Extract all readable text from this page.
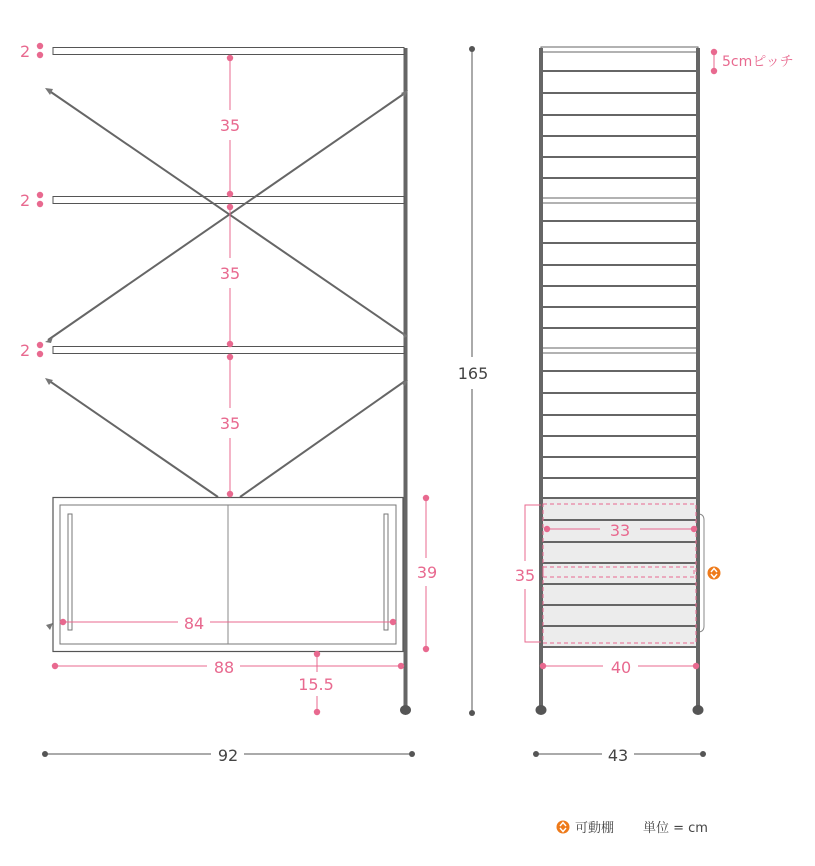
2
2
2
35
35
35
39
84
88
15.5
92
165
5cmピッチ
33
35
40
43
可動棚 単位 = cm
